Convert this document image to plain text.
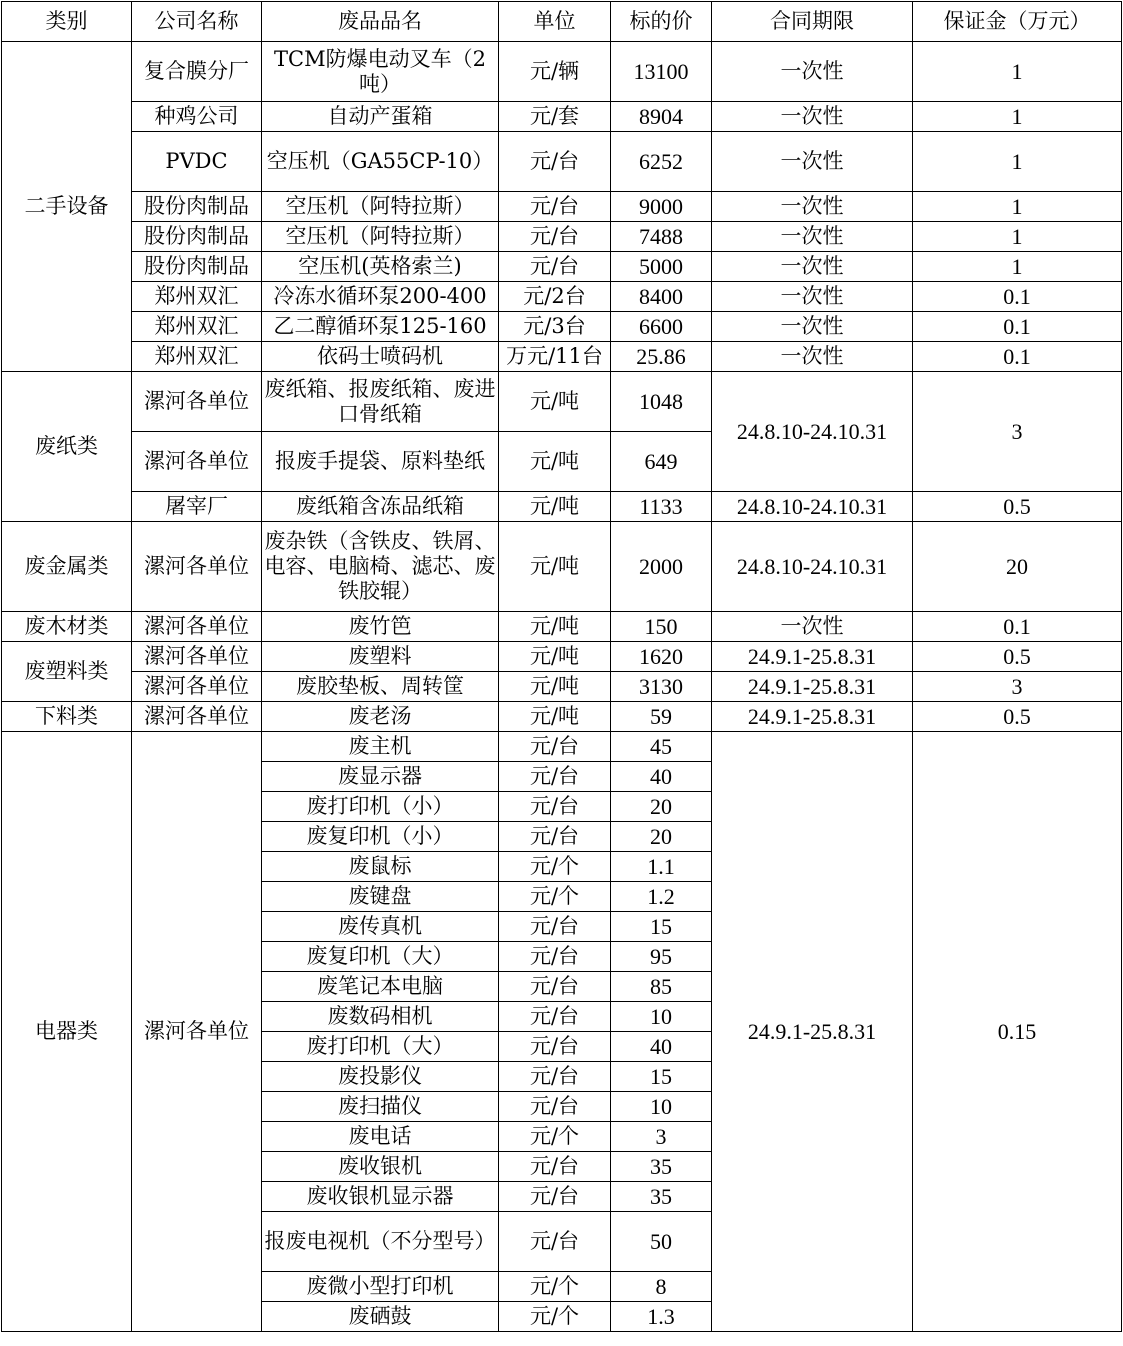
类别	公司名称	废品品名	单位	标的价	合同期限	保证金（万元）
二手设备	复合膜分厂	TCM防爆电动叉车（2吨）	元/辆	13100	一次性	1
	种鸡公司	自动产蛋箱	元/套	8904	一次性	1
	PVDC	空压机（GA55CP-10）	元/台	6252	一次性	1
	股份肉制品	空压机（阿特拉斯）	元/台	9000	一次性	1
	股份肉制品	空压机（阿特拉斯）	元/台	7488	一次性	1
	股份肉制品	空压机(英格索兰)	元/台	5000	一次性	1
	郑州双汇	冷冻水循环泵200-400	元/2台	8400	一次性	0.1
	郑州双汇	乙二醇循环泵125-160	元/3台	6600	一次性	0.1
	郑州双汇	依码士喷码机	万元/11台	25.86	一次性	0.1
废纸类	漯河各单位	废纸箱、报废纸箱、废进口骨纸箱	元/吨	1048	24.8.10-24.10.31	3
	漯河各单位	报废手提袋、原料垫纸	元/吨	649		
	屠宰厂	废纸箱含冻品纸箱	元/吨	1133	24.8.10-24.10.31	0.5
废金属类	漯河各单位	废杂铁（含铁皮、铁屑、电容、电脑椅、滤芯、废铁胶辊）	元/吨	2000	24.8.10-24.10.31	20
废木材类	漯河各单位	废竹笆	元/吨	150	一次性	0.1
废塑料类	漯河各单位	废塑料	元/吨	1620	24.9.1-25.8.31	0.5
	漯河各单位	废胶垫板、周转筐	元/吨	3130	24.9.1-25.8.31	3
下料类	漯河各单位	废老汤	元/吨	59	24.9.1-25.8.31	0.5
电器类	漯河各单位	废主机	元/台	45	24.9.1-25.8.31	0.15
		废显示器	元/台	40		
		废打印机（小）	元/台	20		
		废复印机（小）	元/台	20		
		废鼠标	元/个	1.1		
		废键盘	元/个	1.2		
		废传真机	元/台	15		
		废复印机（大）	元/台	95		
		废笔记本电脑	元/台	85		
		废数码相机	元/台	10		
		废打印机（大）	元/台	40		
		废投影仪	元/台	15		
		废扫描仪	元/台	10		
		废电话	元/个	3		
		废收银机	元/台	35		
		废收银机显示器	元/台	35		
		报废电视机（不分型号）	元/台	50		
		废微小型打印机	元/个	8		
		废硒鼓	元/个	1.3		
